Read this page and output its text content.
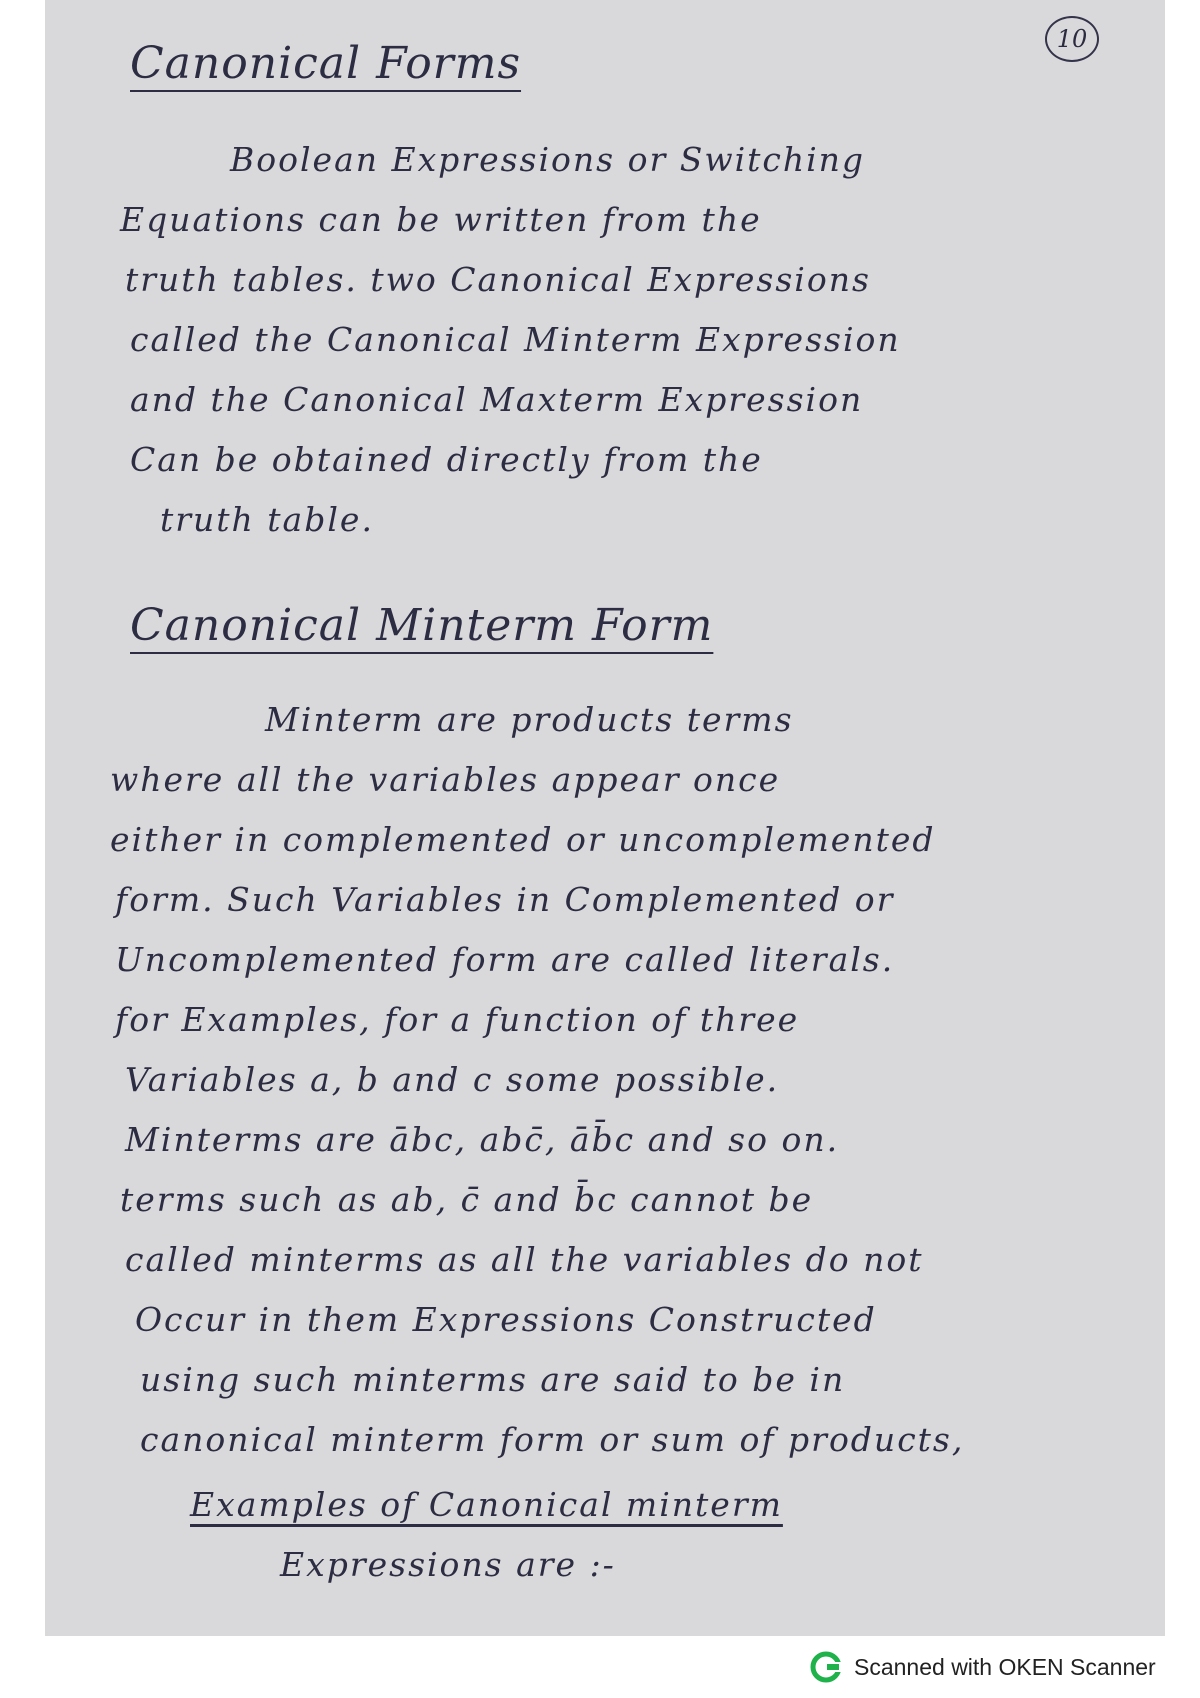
10
Canonical Forms
Boolean Expressions or Switching
Equations can be written from the
truth tables. two Canonical Expressions
called the Canonical Minterm Expression
and the Canonical Maxterm Expression
Can be obtained directly from the
truth table.
Canonical Minterm Form
Minterm are products terms
where all the variables appear once
either in complemented or uncomplemented
form. Such Variables in Complemented or
Uncomplemented form are called literals.
for Examples, for a function of three
Variables a, b and c some possible.
Minterms are ābc, abc̄, āb̄c and so on.
terms such as ab, c̄ and b̄c cannot be
called minterms as all the variables do not
Occur in them Expressions Constructed
using such minterms are said to be in
canonical minterm form or sum of products,
Examples of Canonical minterm
Expressions are :-
Scanned with OKEN Scanner
